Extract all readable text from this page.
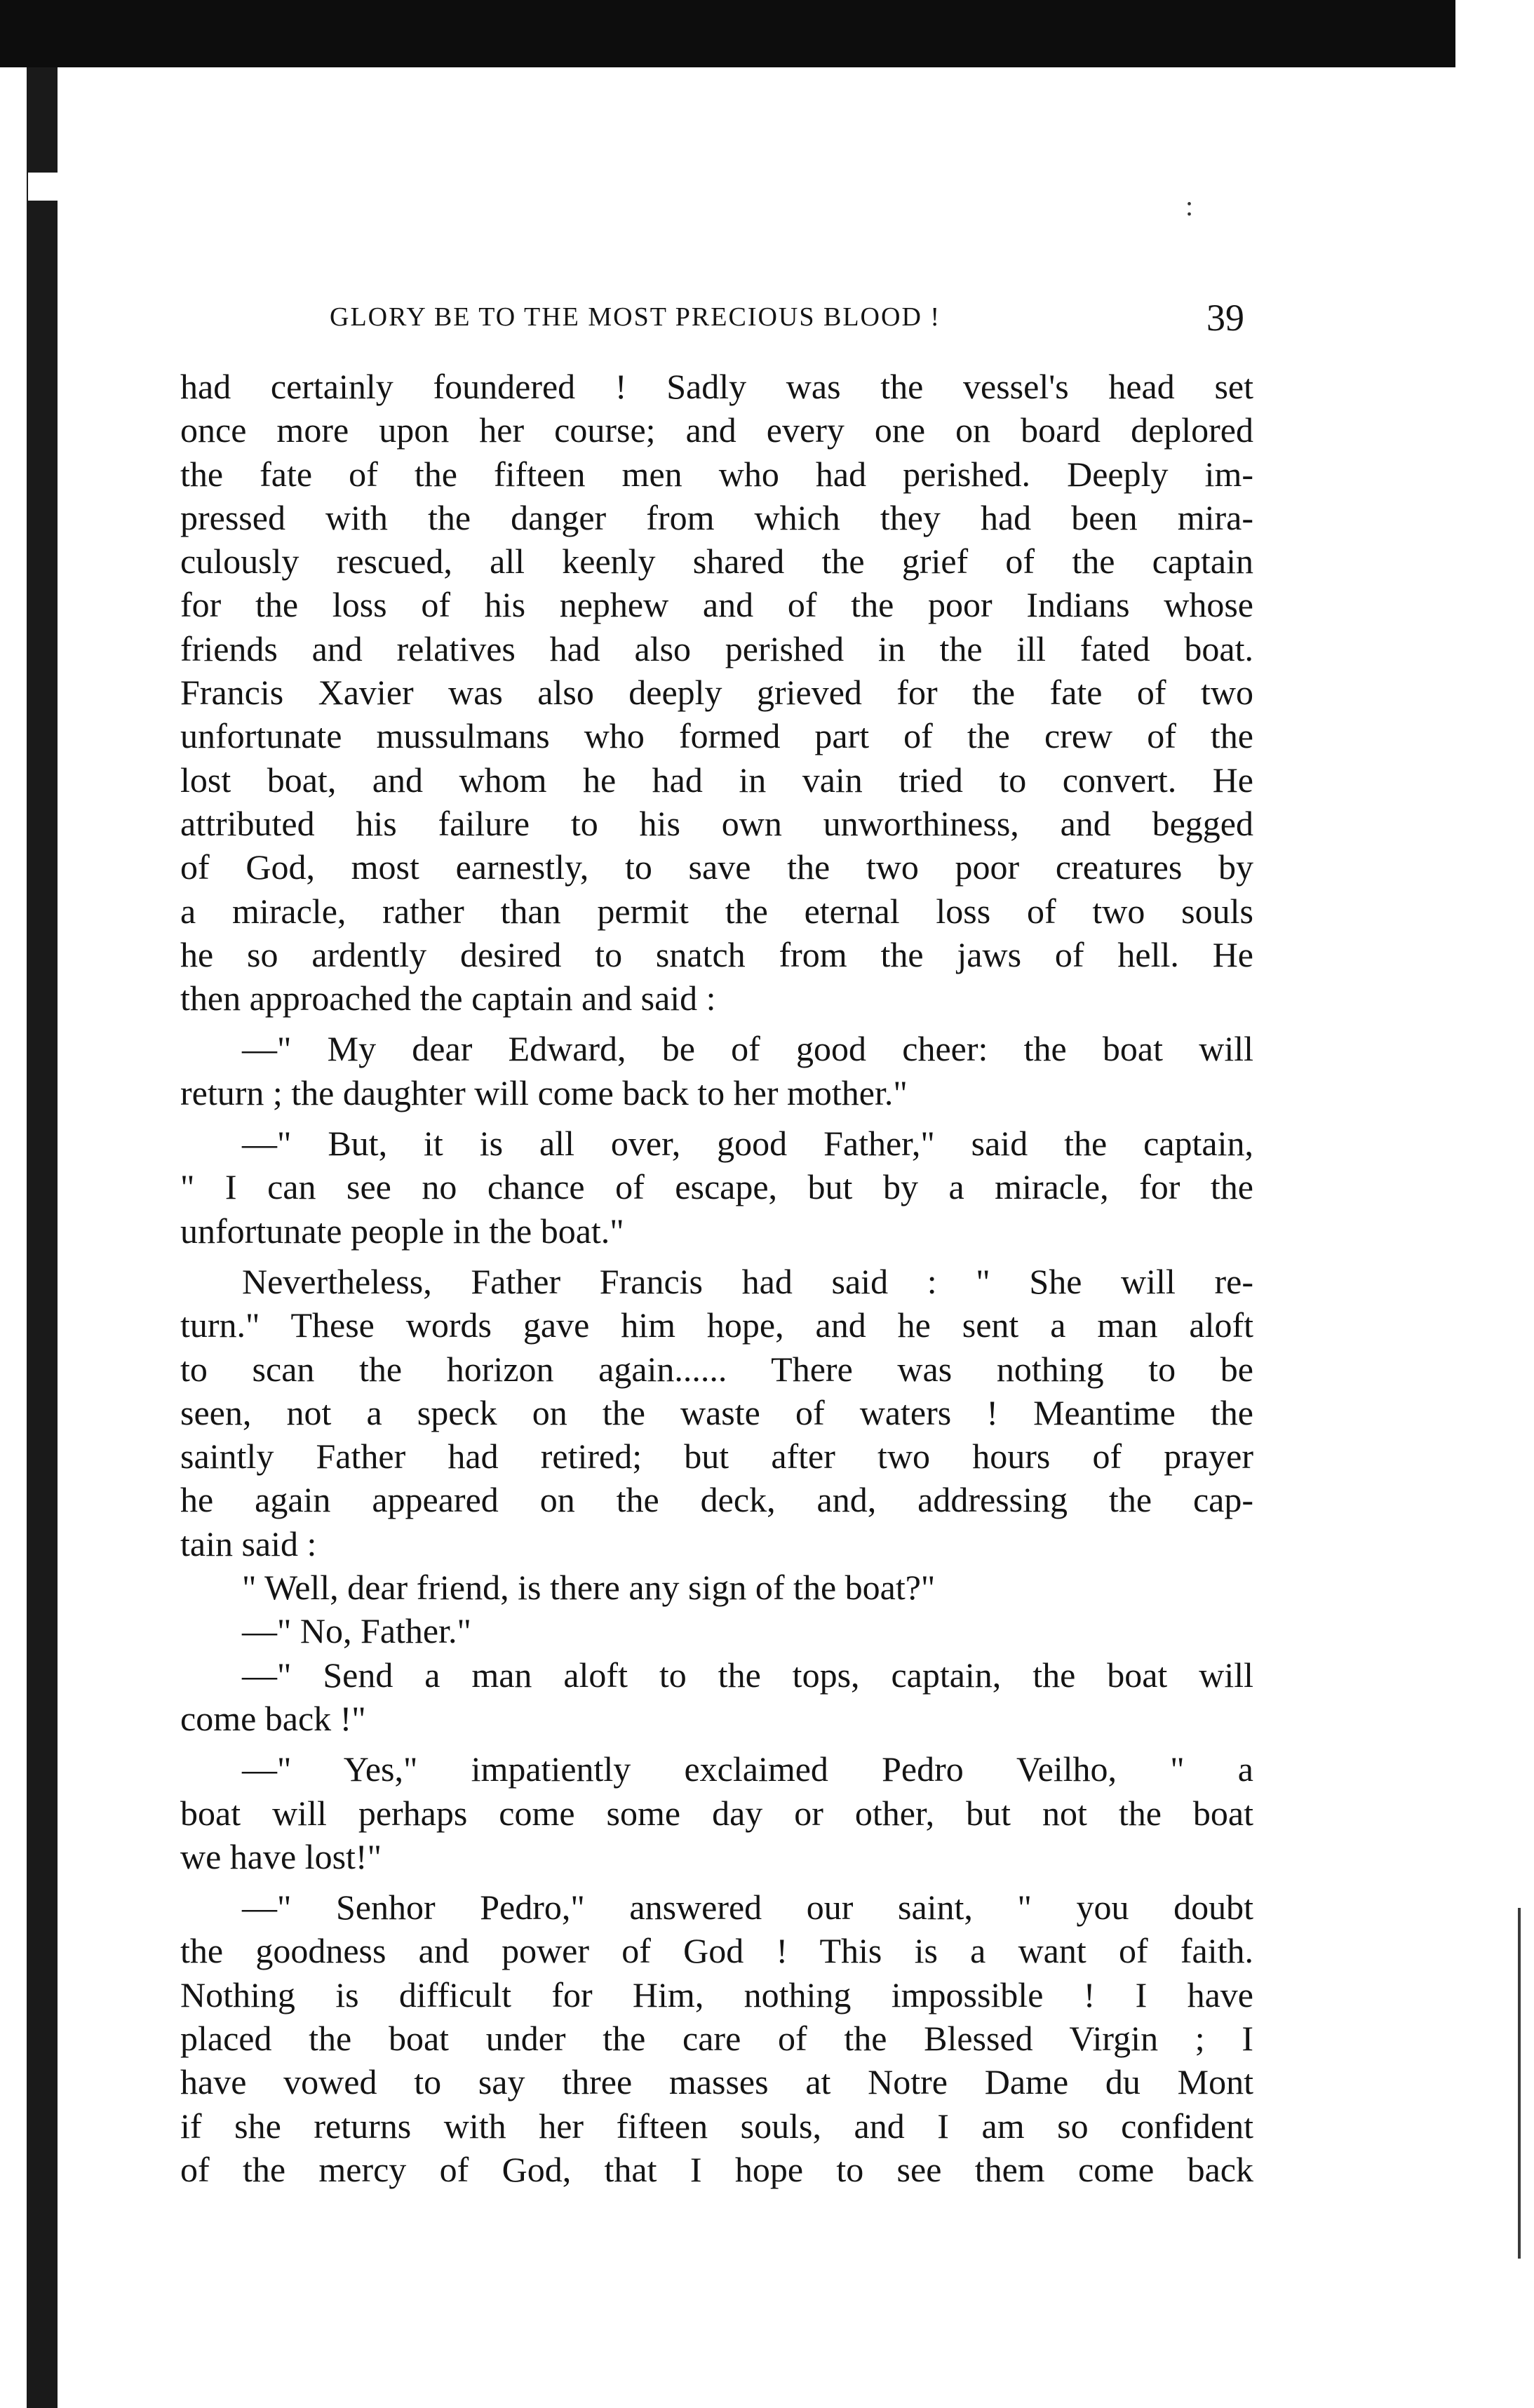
:
GLORY BE TO THE MOST PRECIOUS BLOOD !	39
had certainly foundered ! Sadly was the vessel's head set
once more upon her course; and every one on board deplored
the fate of the fifteen men who had perished. Deeply im-
pressed with the danger from which they had been mira-
culously rescued, all keenly shared the grief of the captain
for the loss of his nephew and of the poor Indians whose
friends and relatives had also perished in the ill fated boat.
Francis Xavier was also deeply grieved for the fate of two
unfortunate mussulmans who formed part of the crew of the
lost boat, and whom he had in vain tried to convert. He
attributed his failure to his own unworthiness, and begged
of God, most earnestly, to save the two poor creatures by
a miracle, rather than permit the eternal loss of two souls
he so ardently desired to snatch from the jaws of hell. He
then approached the captain and said :
—" My dear Edward, be of good cheer: the boat will
return ; the daughter will come back to her mother."
—" But, it is all over, good Father," said the captain,
" I can see no chance of escape, but by a miracle, for the
unfortunate people in the boat."
Nevertheless, Father Francis had said : " She will re-
turn." These words gave him hope, and he sent a man aloft
to scan the horizon again...... There was nothing to be
seen, not a speck on the waste of waters ! Meantime the
saintly Father had retired; but after two hours of prayer
he again appeared on the deck, and, addressing the cap-
tain said :
" Well, dear friend, is there any sign of the boat?"
—" No, Father."
—" Send a man aloft to the tops, captain, the boat will
come back !"
—" Yes," impatiently exclaimed Pedro Veilho, " a
boat will perhaps come some day or other, but not the boat
we have lost!"
—" Senhor Pedro," answered our saint, " you doubt
the goodness and power of God ! This is a want of faith.
Nothing is difficult for Him, nothing impossible ! I have
placed the boat under the care of the Blessed Virgin ; I
have vowed to say three masses at Notre Dame du Mont
if she returns with her fifteen souls, and I am so confident
of the mercy of God, that I hope to see them come back
